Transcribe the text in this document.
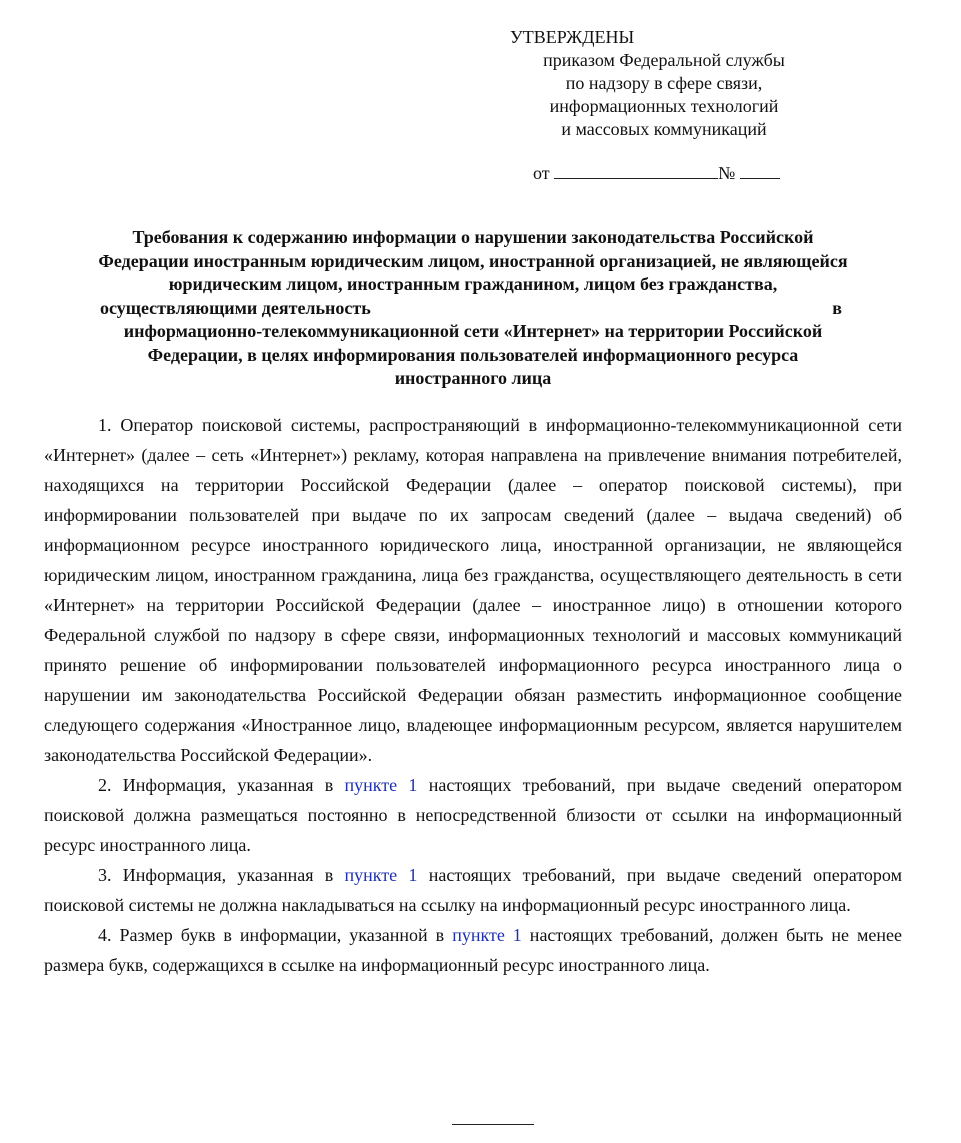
УТВЕРЖДЕНЫ
приказом Федеральной службы
по надзору в сфере связи,
информационных технологий
и массовых коммуникаций
от	№
Требования к содержанию информации о нарушении законодательства Российской
Федерации иностранным юридическим лицом, иностранной организацией, не являющейся
юридическим лицом, иностранным гражданином, лицом без гражданства,
осуществляющими деятельность	в
информационно-телекоммуникационной сети «Интернет» на территории Российской
Федерации, в целях информирования пользователей информационного ресурса
иностранного лица

1. Оператор поисковой системы, распространяющий в информационно-телекоммуникационной сети «Интернет» (далее – сеть «Интернет») рекламу, которая направлена на привлечение внимания потребителей, находящихся на территории Российской Федерации (далее – оператор поисковой системы), при информировании пользователей при выдаче по их запросам сведений (далее – выдача сведений) об информационном ресурсе иностранного юридического лица, иностранной организации, не являющейся юридическим лицом, иностранном гражданина, лица без гражданства, осуществляющего деятельность в сети «Интернет» на территории Российской Федерации (далее – иностранное лицо) в отношении которого Федеральной службой по надзору в сфере связи, информационных технологий и массовых коммуникаций принято решение об информировании пользователей информационного ресурса иностранного лица о нарушении им законодательства Российской Федерации обязан разместить информационное сообщение следующего содержания «Иностранное лицо, владеющее информационным ресурсом, является нарушителем законодательства Российской Федерации».

2. Информация, указанная в пункте 1 настоящих требований, при выдаче сведений оператором поисковой должна размещаться постоянно в непосредственной близости от ссылки на информационный ресурс иностранного лица.

3. Информация, указанная в пункте 1 настоящих требований, при выдаче сведений оператором поисковой системы не должна накладываться на ссылку на информационный ресурс иностранного лица.

4. Размер букв в информации, указанной в пункте 1 настоящих требований, должен быть не менее размера букв, содержащихся в ссылке на информационный ресурс иностранного лица.
